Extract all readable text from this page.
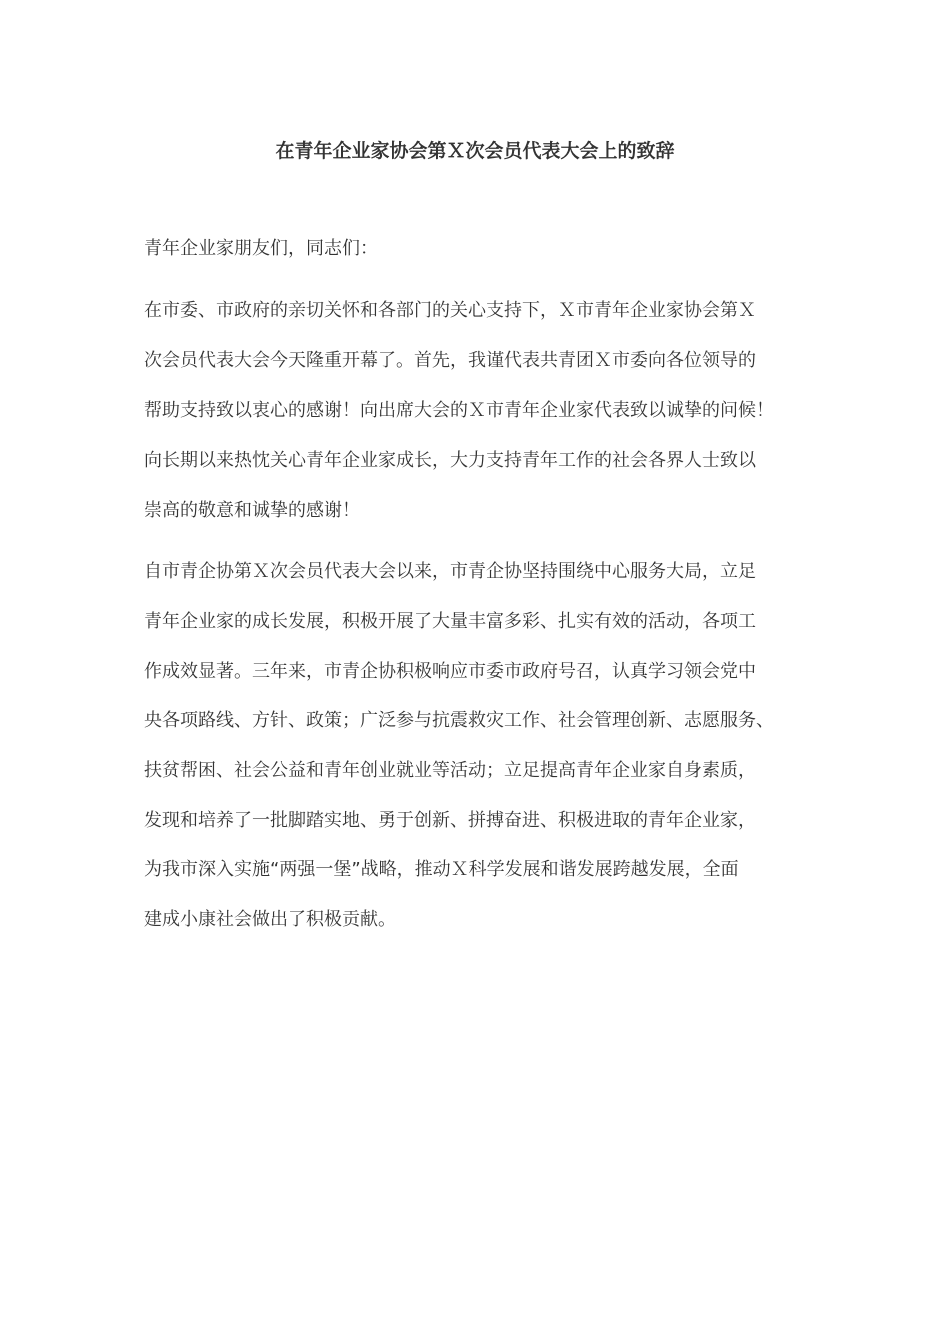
在青年企业家协会第Ｘ次会员代表大会上的致辞

青年企业家朋友们，同志们：

在市委、市政府的亲切关怀和各部门的关心支持下，Ｘ市青年企业家协会第Ｘ

次会员代表大会今天隆重开幕了。首先，我谨代表共青团Ｘ市委向各位领导的

帮助支持致以衷心的感谢！向出席大会的Ｘ市青年企业家代表致以诚挚的问候！

向长期以来热忱关心青年企业家成长，大力支持青年工作的社会各界人士致以

崇高的敬意和诚挚的感谢！

自市青企协第Ｘ次会员代表大会以来，市青企协坚持围绕中心服务大局，立足

青年企业家的成长发展，积极开展了大量丰富多彩、扎实有效的活动，各项工

作成效显著。三年来，市青企协积极响应市委市政府号召，认真学习领会党中

央各项路线、方针、政策；广泛参与抗震救灾工作、社会管理创新、志愿服务、

扶贫帮困、社会公益和青年创业就业等活动；立足提高青年企业家自身素质，

发现和培养了一批脚踏实地、勇于创新、拼搏奋进、积极进取的青年企业家，

为我市深入实施“两强一堡”战略，推动Ｘ科学发展和谐发展跨越发展，全面

建成小康社会做出了积极贡献。
